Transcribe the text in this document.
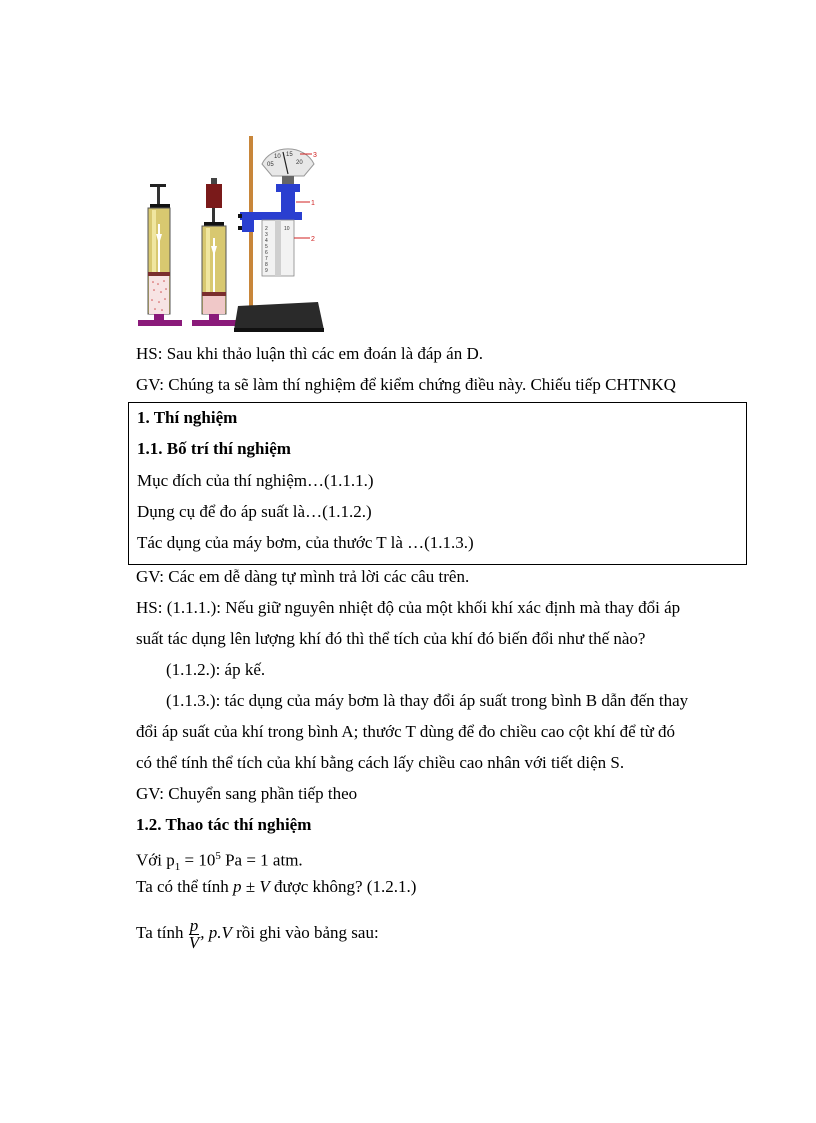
10 15
20
05
2
3
4
5
6
7
8
9
10
3
1
2
HS: Sau khi thảo luận thì các em đoán là đáp án D.
GV: Chúng ta sẽ làm thí nghiệm để kiểm chứng điều này. Chiếu tiếp CHTNKQ
1. Thí nghiệm
1.1. Bố trí thí nghiệm
Mục đích của thí nghiệm…(1.1.1.)
Dụng cụ để đo áp suất là…(1.1.2.)
Tác dụng của máy bơm, của thước T là …(1.1.3.)
GV: Các em dễ dàng tự mình trả lời các câu trên.
HS: (1.1.1.): Nếu giữ nguyên nhiệt độ của một khối khí xác định mà thay đổi áp
suất tác dụng lên lượng khí đó thì thể tích của khí đó biến đổi như thế nào?
(1.1.2.): áp kế.
(1.1.3.): tác dụng của máy bơm là thay đổi áp suất trong bình B dẫn đến thay
đổi áp suất của khí trong bình A; thước T dùng để đo chiều cao cột khí để từ đó
có thể tính thể tích của khí bằng cách lấy chiều cao nhân với tiết diện S.
GV: Chuyển sang phần tiếp theo
1.2. Thao tác thí nghiệm
Với $p_1 = 10^5$ Pa = 1 atm.
Ta có thể tính p ± V được không? (1.2.1.)
Ta tính $\frac{p}{V}$ , p.V rồi ghi vào bảng sau:
